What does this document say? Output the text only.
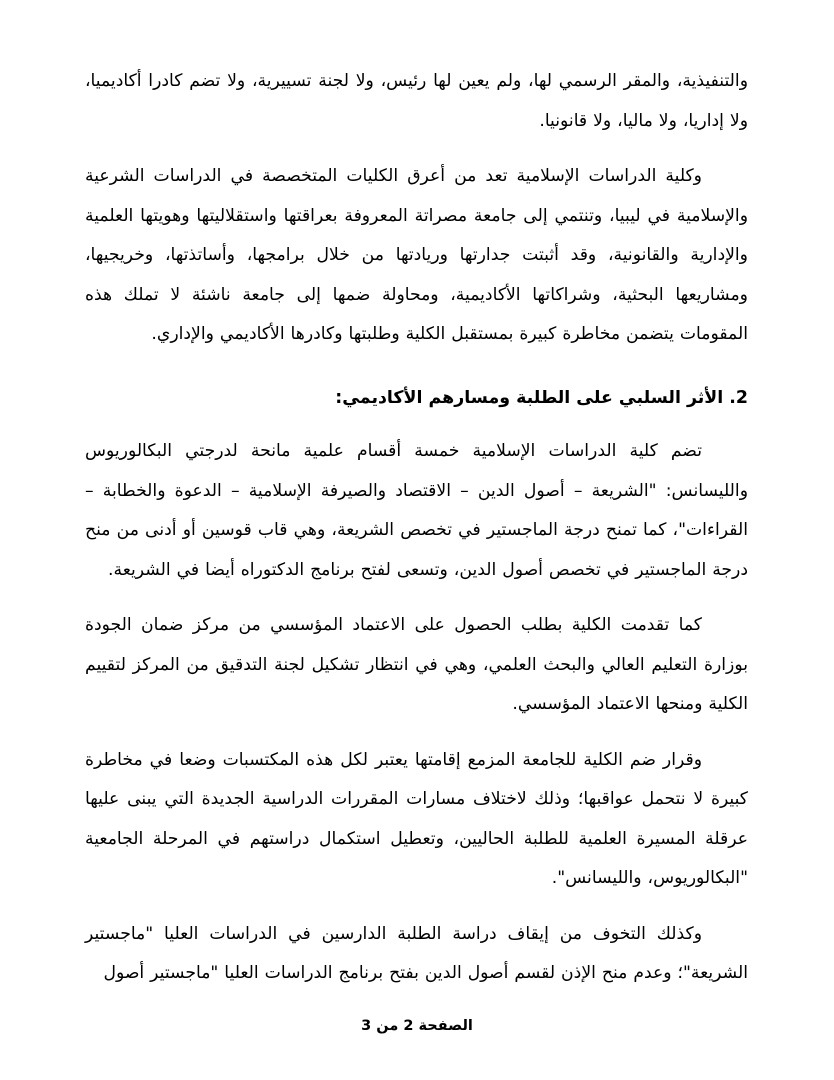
والتنفيذية، والمقر الرسمي لها، ولم يعين لها رئيس، ولا لجنة تسييرية، ولا تضم كادرا أكاديميا، ولا إداريا، ولا ماليا، ولا قانونيا.

وكلية الدراسات الإسلامية تعد من أعرق الكليات المتخصصة في الدراسات الشرعية والإسلامية في ليبيا، وتنتمي إلى جامعة مصراتة المعروفة بعراقتها واستقلاليتها وهويتها العلمية والإدارية والقانونية، وقد أثبتت جدارتها وريادتها من خلال برامجها، وأساتذتها، وخريجيها، ومشاريعها البحثية، وشراكاتها الأكاديمية، ومحاولة ضمها إلى جامعة ناشئة لا تملك هذه المقومات يتضمن مخاطرة كبيرة بمستقبل الكلية وطلبتها وكادرها الأكاديمي والإداري.

2. الأثر السلبي على الطلبة ومسارهم الأكاديمي:

تضم كلية الدراسات الإسلامية خمسة أقسام علمية مانحة لدرجتي البكالوريوس والليسانس: "الشريعة – أصول الدين – الاقتصاد والصيرفة الإسلامية – الدعوة والخطابة – القراءات"، كما تمنح درجة الماجستير في تخصص الشريعة، وهي قاب قوسين أو أدنى من منح درجة الماجستير في تخصص أصول الدين، وتسعى لفتح برنامج الدكتوراه أيضا في الشريعة.

كما تقدمت الكلية بطلب الحصول على الاعتماد المؤسسي من مركز ضمان الجودة بوزارة التعليم العالي والبحث العلمي، وهي في انتظار تشكيل لجنة التدقيق من المركز لتقييم الكلية ومنحها الاعتماد المؤسسي.

وقرار ضم الكلية للجامعة المزمع إقامتها يعتبر لكل هذه المكتسبات وضعا في مخاطرة كبيرة لا نتحمل عواقبها؛ وذلك لاختلاف مسارات المقررات الدراسية الجديدة التي يبنى عليها عرقلة المسيرة العلمية للطلبة الحاليين، وتعطيل استكمال دراستهم في المرحلة الجامعية "البكالوريوس، والليسانس".

وكذلك التخوف من إيقاف دراسة الطلبة الدارسين في الدراسات العليا "ماجستير الشريعة"؛ وعدم منح الإذن لقسم أصول الدين بفتح برنامج الدراسات العليا "ماجستير أصول

الصفحة 2 من 3
